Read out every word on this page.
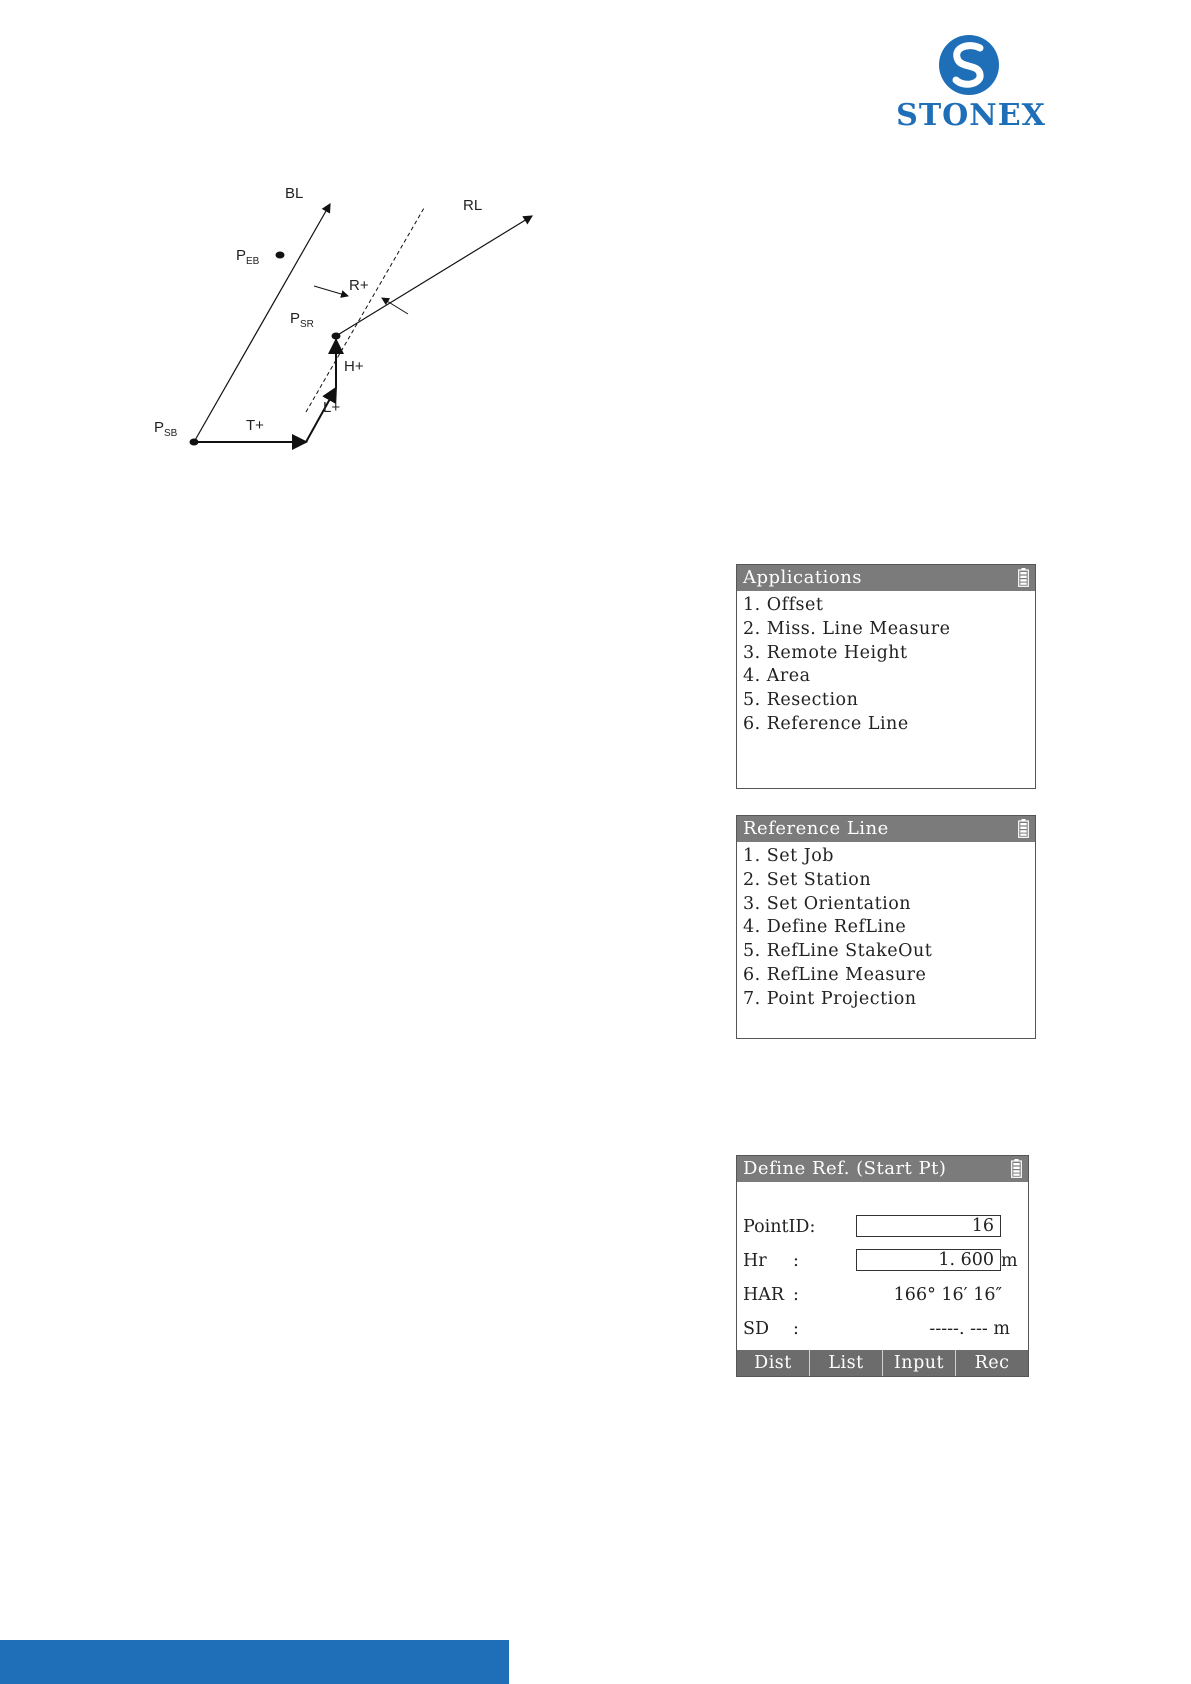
STONEX
BL
RL
$P_{EB}$
$P_{SR}$
$P_{SB}$
R+
H+
L+
T+
Applications
1. Offset
2. Miss. Line Measure
3. Remote Height
4. Area
5. Resection
6. Reference Line
Reference Line
1. Set Job
2. Set Station
3. Set Orientation
4. Define RefLine
5. RefLine StakeOut
6. RefLine Measure
7. Point Projection
Define Ref. (Start Pt)
PointID:	16
Hr :	1. 600 m
HAR :	166° 16′ 16″
SD :	-----. --- m
Dist	List	Input	Rec
